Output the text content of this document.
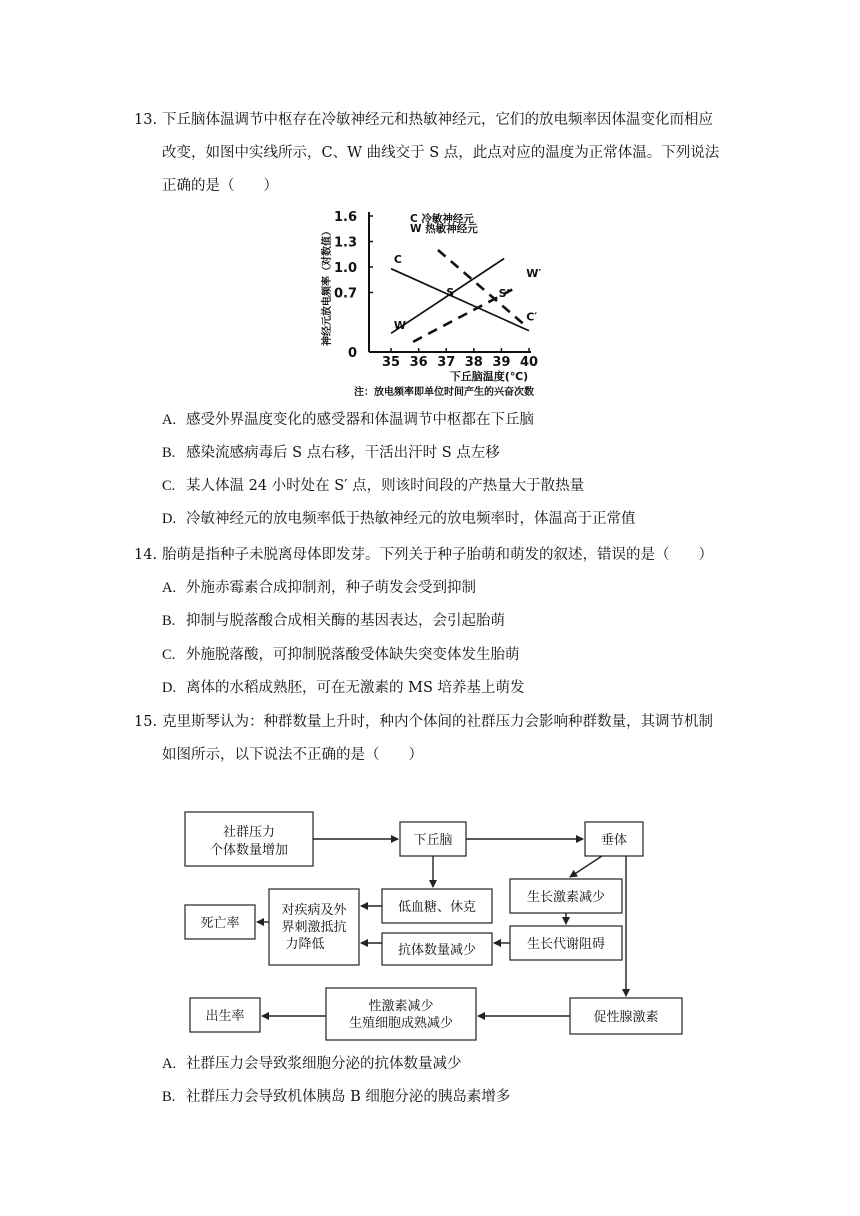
13. 下丘脑体温调节中枢存在冷敏神经元和热敏神经元，它们的放电频率因体温变化而相应
改变，如图中实线所示，C、W 曲线交于 S 点，此点对应的温度为正常体温。下列说法
正确的是（　　）
35 36 37 38 39 40
0
0.7
1.0
1.3
1.6
C
W
S	S′
W′
C′
C 冷敏神经元
W 热敏神经元
神经元放电频率（对数值）
下丘脑温度(℃)
注：放电频率即单位时间产生的兴奋次数
A. 感受外界温度变化的感受器和体温调节中枢都在下丘脑
B. 感染流感病毒后 S 点右移，干活出汗时 S 点左移
C. 某人体温 24 小时处在 S′ 点，则该时间段的产热量大于散热量
D. 冷敏神经元的放电频率低于热敏神经元的放电频率时，体温高于正常值
14. 胎萌是指种子未脱离母体即发芽。下列关于种子胎萌和萌发的叙述，错误的是（　　）
A. 外施赤霉素合成抑制剂，种子萌发会受到抑制
B. 抑制与脱落酸合成相关酶的基因表达，会引起胎萌
C. 外施脱落酸，可抑制脱落酸受体缺失突变体发生胎萌
D. 离体的水稻成熟胚，可在无激素的 MS 培养基上萌发
15. 克里斯琴认为：种群数量上升时，种内个体间的社群压力会影响种群数量，其调节机制
如图所示，以下说法不正确的是（　　）
社群压力
个体数量增加
下丘脑	垂体
低血糖、休克
生长激素减少
对疾病及外
界刺激抵抗
力降低
死亡率
抗体数量减少	生长代谢阻碍
性激素减少
生殖细胞成熟减少
出生率	促性腺激素
A. 社群压力会导致浆细胞分泌的抗体数量减少
B. 社群压力会导致机体胰岛 B 细胞分泌的胰岛素增多
